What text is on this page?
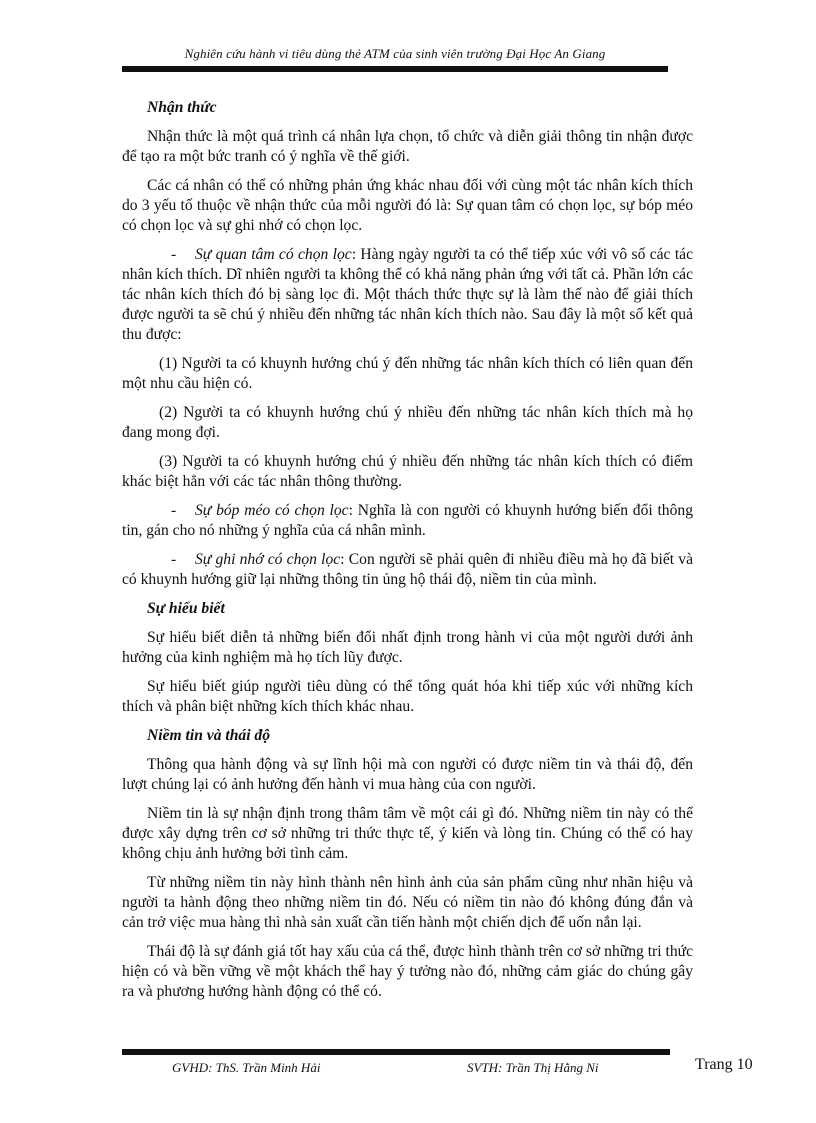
Nghiên cứu hành vi tiêu dùng thẻ ATM của sinh viên trường Đại Học An Giang

Nhận thức

Nhận thức là một quá trình cá nhân lựa chọn, tổ chức và diễn giải thông tin nhận được để tạo ra một bức tranh có ý nghĩa về thế giới.

Các cá nhân có thể có những phản ứng khác nhau đối với cùng một tác nhân kích thích do 3 yếu tố thuộc về nhận thức của mỗi người đó là: Sự quan tâm có chọn lọc, sự bóp méo có chọn lọc và sự ghi nhớ có chọn lọc.

- Sự quan tâm có chọn lọc: Hàng ngày người ta có thể tiếp xúc với vô số các tác nhân kích thích. Dĩ nhiên người ta không thể có khả năng phản ứng với tất cả. Phần lớn các tác nhân kích thích đó bị sàng lọc đi. Một thách thức thực sự là làm thế nào để giải thích được người ta sẽ chú ý nhiều đến những tác nhân kích thích nào. Sau đây là một số kết quả thu được:

(1) Người ta có khuynh hướng chú ý đến những tác nhân kích thích có liên quan đến một nhu cầu hiện có.

(2) Người ta có khuynh hướng chú ý nhiều đến những tác nhân kích thích mà họ đang mong đợi.

(3) Người ta có khuynh hướng chú ý nhiều đến những tác nhân kích thích có điểm khác biệt hẳn với các tác nhân thông thường.

- Sự bóp méo có chọn lọc: Nghĩa là con người có khuynh hướng biến đổi thông tin, gán cho nó những ý nghĩa của cá nhân mình.

- Sự ghi nhớ có chọn lọc: Con người sẽ phải quên đi nhiều điều mà họ đã biết và có khuynh hướng giữ lại những thông tin ủng hộ thái độ, niềm tin của mình.

Sự hiểu biết

Sự hiểu biết diễn tả những biến đổi nhất định trong hành vi của một người dưới ảnh hưởng của kinh nghiệm mà họ tích lũy được.

Sự hiểu biết giúp người tiêu dùng có thể tổng quát hóa khi tiếp xúc với những kích thích và phân biệt những kích thích khác nhau.

Niềm tin và thái độ

Thông qua hành động và sự lĩnh hội mà con người có được niềm tin và thái độ, đến lượt chúng lại có ảnh hưởng đến hành vi mua hàng của con người.

Niềm tin là sự nhận định trong thâm tâm về một cái gì đó. Những niềm tin này có thể được xây dựng trên cơ sở những tri thức thực tế, ý kiến và lòng tin. Chúng có thể có hay không chịu ảnh hưởng bởi tình cảm.

Từ những niềm tin này hình thành nên hình ảnh của sản phẩm cũng như nhãn hiệu và người ta hành động theo những niềm tin đó. Nếu có niềm tin nào đó không đúng đắn và cản trở việc mua hàng thì nhà sản xuất cần tiến hành một chiến dịch để uốn nắn lại.

Thái độ là sự đánh giá tốt hay xấu của cá thể, được hình thành trên cơ sở những tri thức hiện có và bền vững về một khách thể hay ý tưởng nào đó, những cảm giác do chúng gây ra và phương hướng hành động có thể có.

GVHD: ThS. Trần Minh Hải	SVTH: Trần Thị Hằng Ni	Trang 10
